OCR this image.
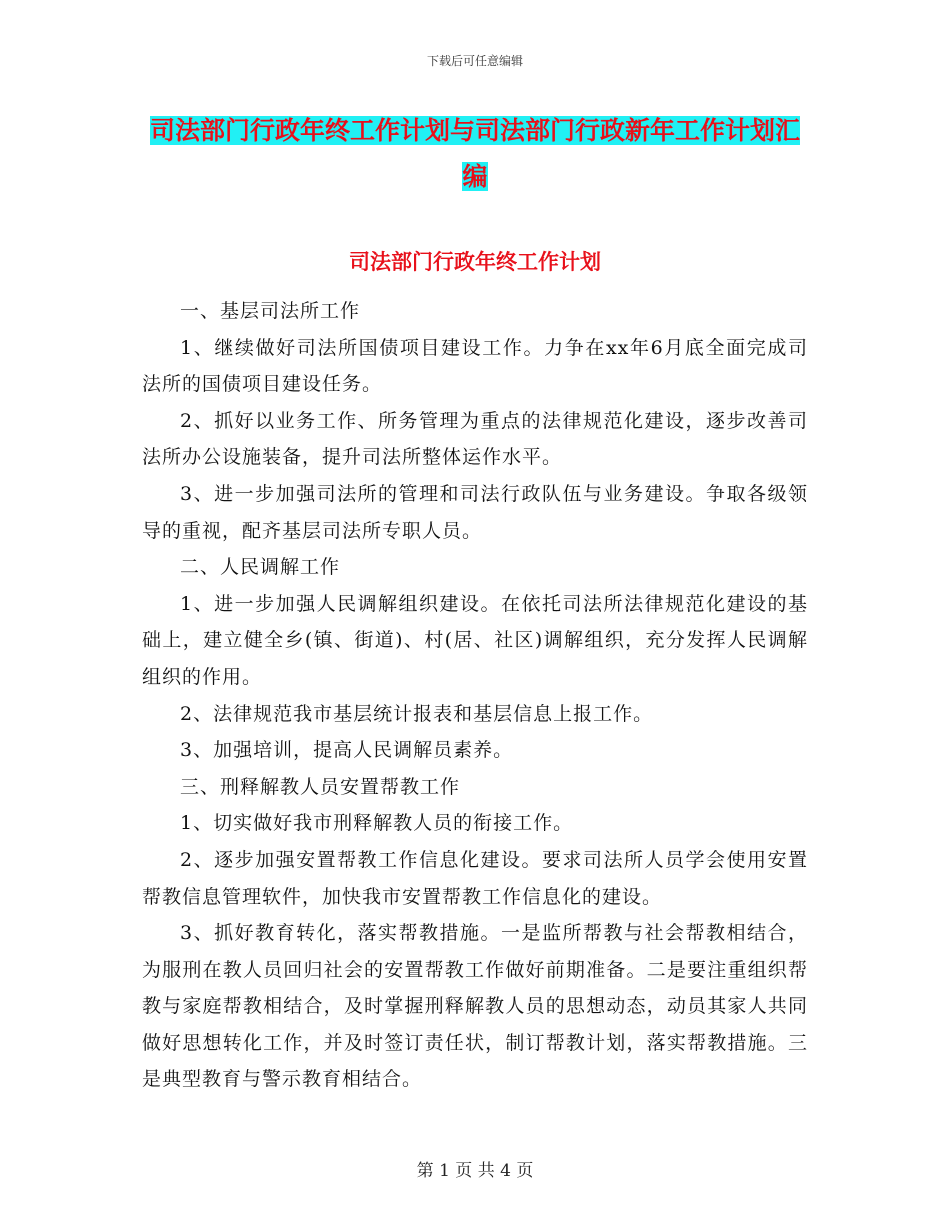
下载后可任意编辑
司法部门行政年终工作计划与司法部门行政新年工作计划汇编
司法部门行政年终工作计划

一、基层司法所工作

1、继续做好司法所国债项目建设工作。力争在xx年6月底全面完成司法所的国债项目建设任务。

2、抓好以业务工作、所务管理为重点的法律规范化建设，逐步改善司法所办公设施装备，提升司法所整体运作水平。

3、进一步加强司法所的管理和司法行政队伍与业务建设。争取各级领导的重视，配齐基层司法所专职人员。

二、人民调解工作

1、进一步加强人民调解组织建设。在依托司法所法律规范化建设的基础上，建立健全乡(镇、街道)、村(居、社区)调解组织，充分发挥人民调解组织的作用。

2、法律规范我市基层统计报表和基层信息上报工作。

3、加强培训，提高人民调解员素养。

三、刑释解教人员安置帮教工作

1、切实做好我市刑释解教人员的衔接工作。

2、逐步加强安置帮教工作信息化建设。要求司法所人员学会使用安置帮教信息管理软件，加快我市安置帮教工作信息化的建设。

3、抓好教育转化，落实帮教措施。一是监所帮教与社会帮教相结合，为服刑在教人员回归社会的安置帮教工作做好前期准备。二是要注重组织帮教与家庭帮教相结合，及时掌握刑释解教人员的思想动态，动员其家人共同做好思想转化工作，并及时签订责任状，制订帮教计划，落实帮教措施。三是典型教育与警示教育相结合。

第 1 页 共 4 页
